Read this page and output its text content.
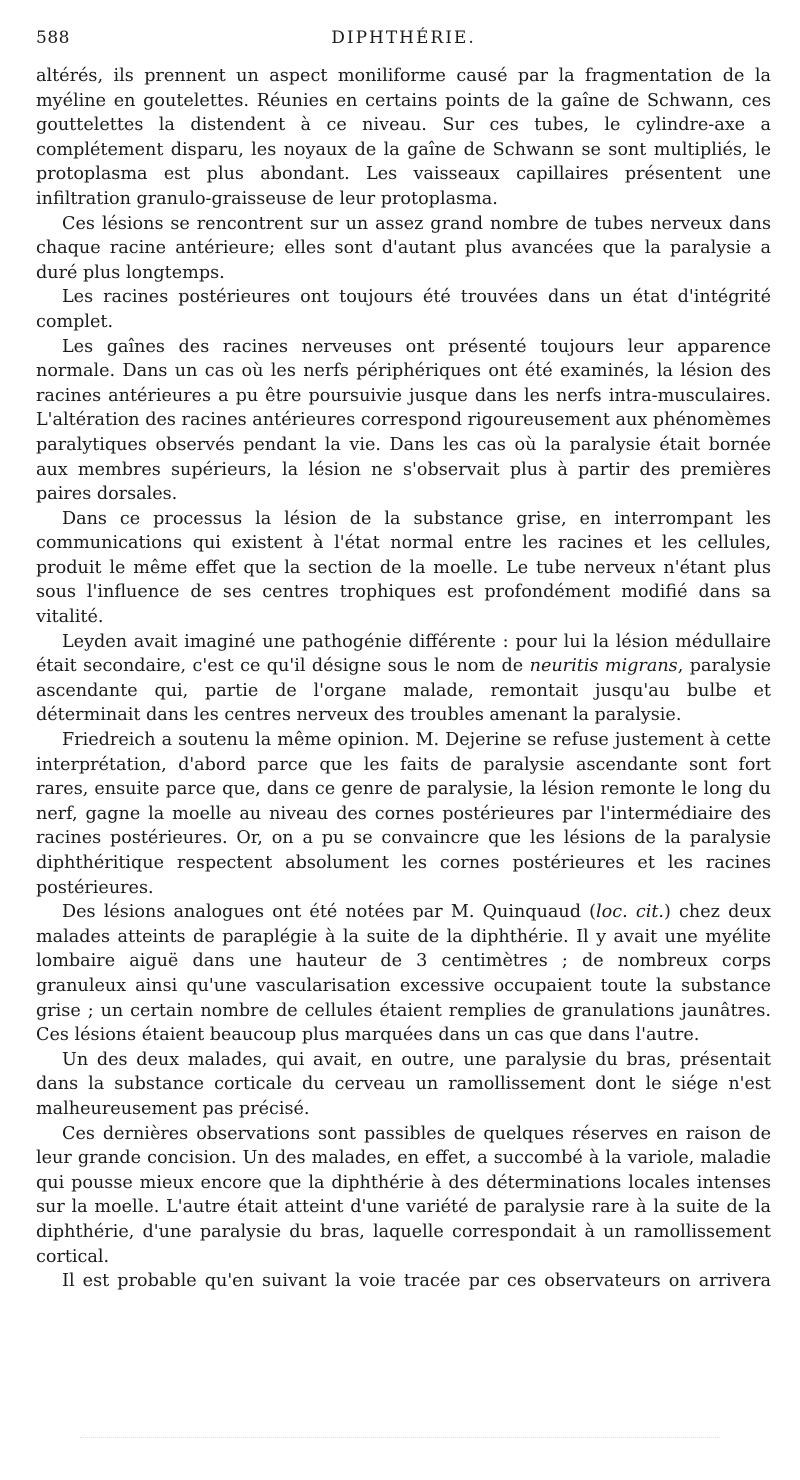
588	DIPHTHÉRIE.

altérés, ils prennent un aspect moniliforme causé par la fragmentation de la myéline en goutelettes. Réunies en certains points de la gaîne de Schwann, ces gouttelettes la distendent à ce niveau. Sur ces tubes, le cylindre-axe a complétement disparu, les noyaux de la gaîne de Schwann se sont multipliés, le protoplasma est plus abondant. Les vaisseaux capillaires présentent une infiltration granulo-graisseuse de leur protoplasma.

Ces lésions se rencontrent sur un assez grand nombre de tubes nerveux dans chaque racine antérieure; elles sont d'autant plus avancées que la paralysie a duré plus longtemps.

Les racines postérieures ont toujours été trouvées dans un état d'intégrité complet.

Les gaînes des racines nerveuses ont présenté toujours leur apparence normale. Dans un cas où les nerfs périphériques ont été examinés, la lésion des racines antérieures a pu être poursuivie jusque dans les nerfs intra-musculaires. L'altération des racines antérieures correspond rigoureusement aux phénomèmes paralytiques observés pendant la vie. Dans les cas où la paralysie était bornée aux membres supérieurs, la lésion ne s'observait plus à partir des premières paires dorsales.

Dans ce processus la lésion de la substance grise, en interrompant les communications qui existent à l'état normal entre les racines et les cellules, produit le même effet que la section de la moelle. Le tube nerveux n'étant plus sous l'influence de ses centres trophiques est profondément modifié dans sa vitalité.

Leyden avait imaginé une pathogénie différente : pour lui la lésion médullaire était secondaire, c'est ce qu'il désigne sous le nom de neuritis migrans, paralysie ascendante qui, partie de l'organe malade, remontait jusqu'au bulbe et déterminait dans les centres nerveux des troubles amenant la paralysie.

Friedreich a soutenu la même opinion. M. Dejerine se refuse justement à cette interprétation, d'abord parce que les faits de paralysie ascendante sont fort rares, ensuite parce que, dans ce genre de paralysie, la lésion remonte le long du nerf, gagne la moelle au niveau des cornes postérieures par l'intermédiaire des racines postérieures. Or, on a pu se convaincre que les lésions de la paralysie diphthéritique respectent absolument les cornes postérieures et les racines postérieures.

Des lésions analogues ont été notées par M. Quinquaud (loc. cit.) chez deux malades atteints de paraplégie à la suite de la diphthérie. Il y avait une myélite lombaire aiguë dans une hauteur de 3 centimètres ; de nombreux corps granuleux ainsi qu'une vascularisation excessive occupaient toute la substance grise ; un certain nombre de cellules étaient remplies de granulations jaunâtres. Ces lésions étaient beaucoup plus marquées dans un cas que dans l'autre.

Un des deux malades, qui avait, en outre, une paralysie du bras, présentait dans la substance corticale du cerveau un ramollissement dont le siége n'est malheureusement pas précisé.

Ces dernières observations sont passibles de quelques réserves en raison de leur grande concision. Un des malades, en effet, a succombé à la variole, maladie qui pousse mieux encore que la diphthérie à des déterminations locales intenses sur la moelle. L'autre était atteint d'une variété de paralysie rare à la suite de la diphthérie, d'une paralysie du bras, laquelle correspondait à un ramollissement cortical.

Il est probable qu'en suivant la voie tracée par ces observateurs on arrivera
